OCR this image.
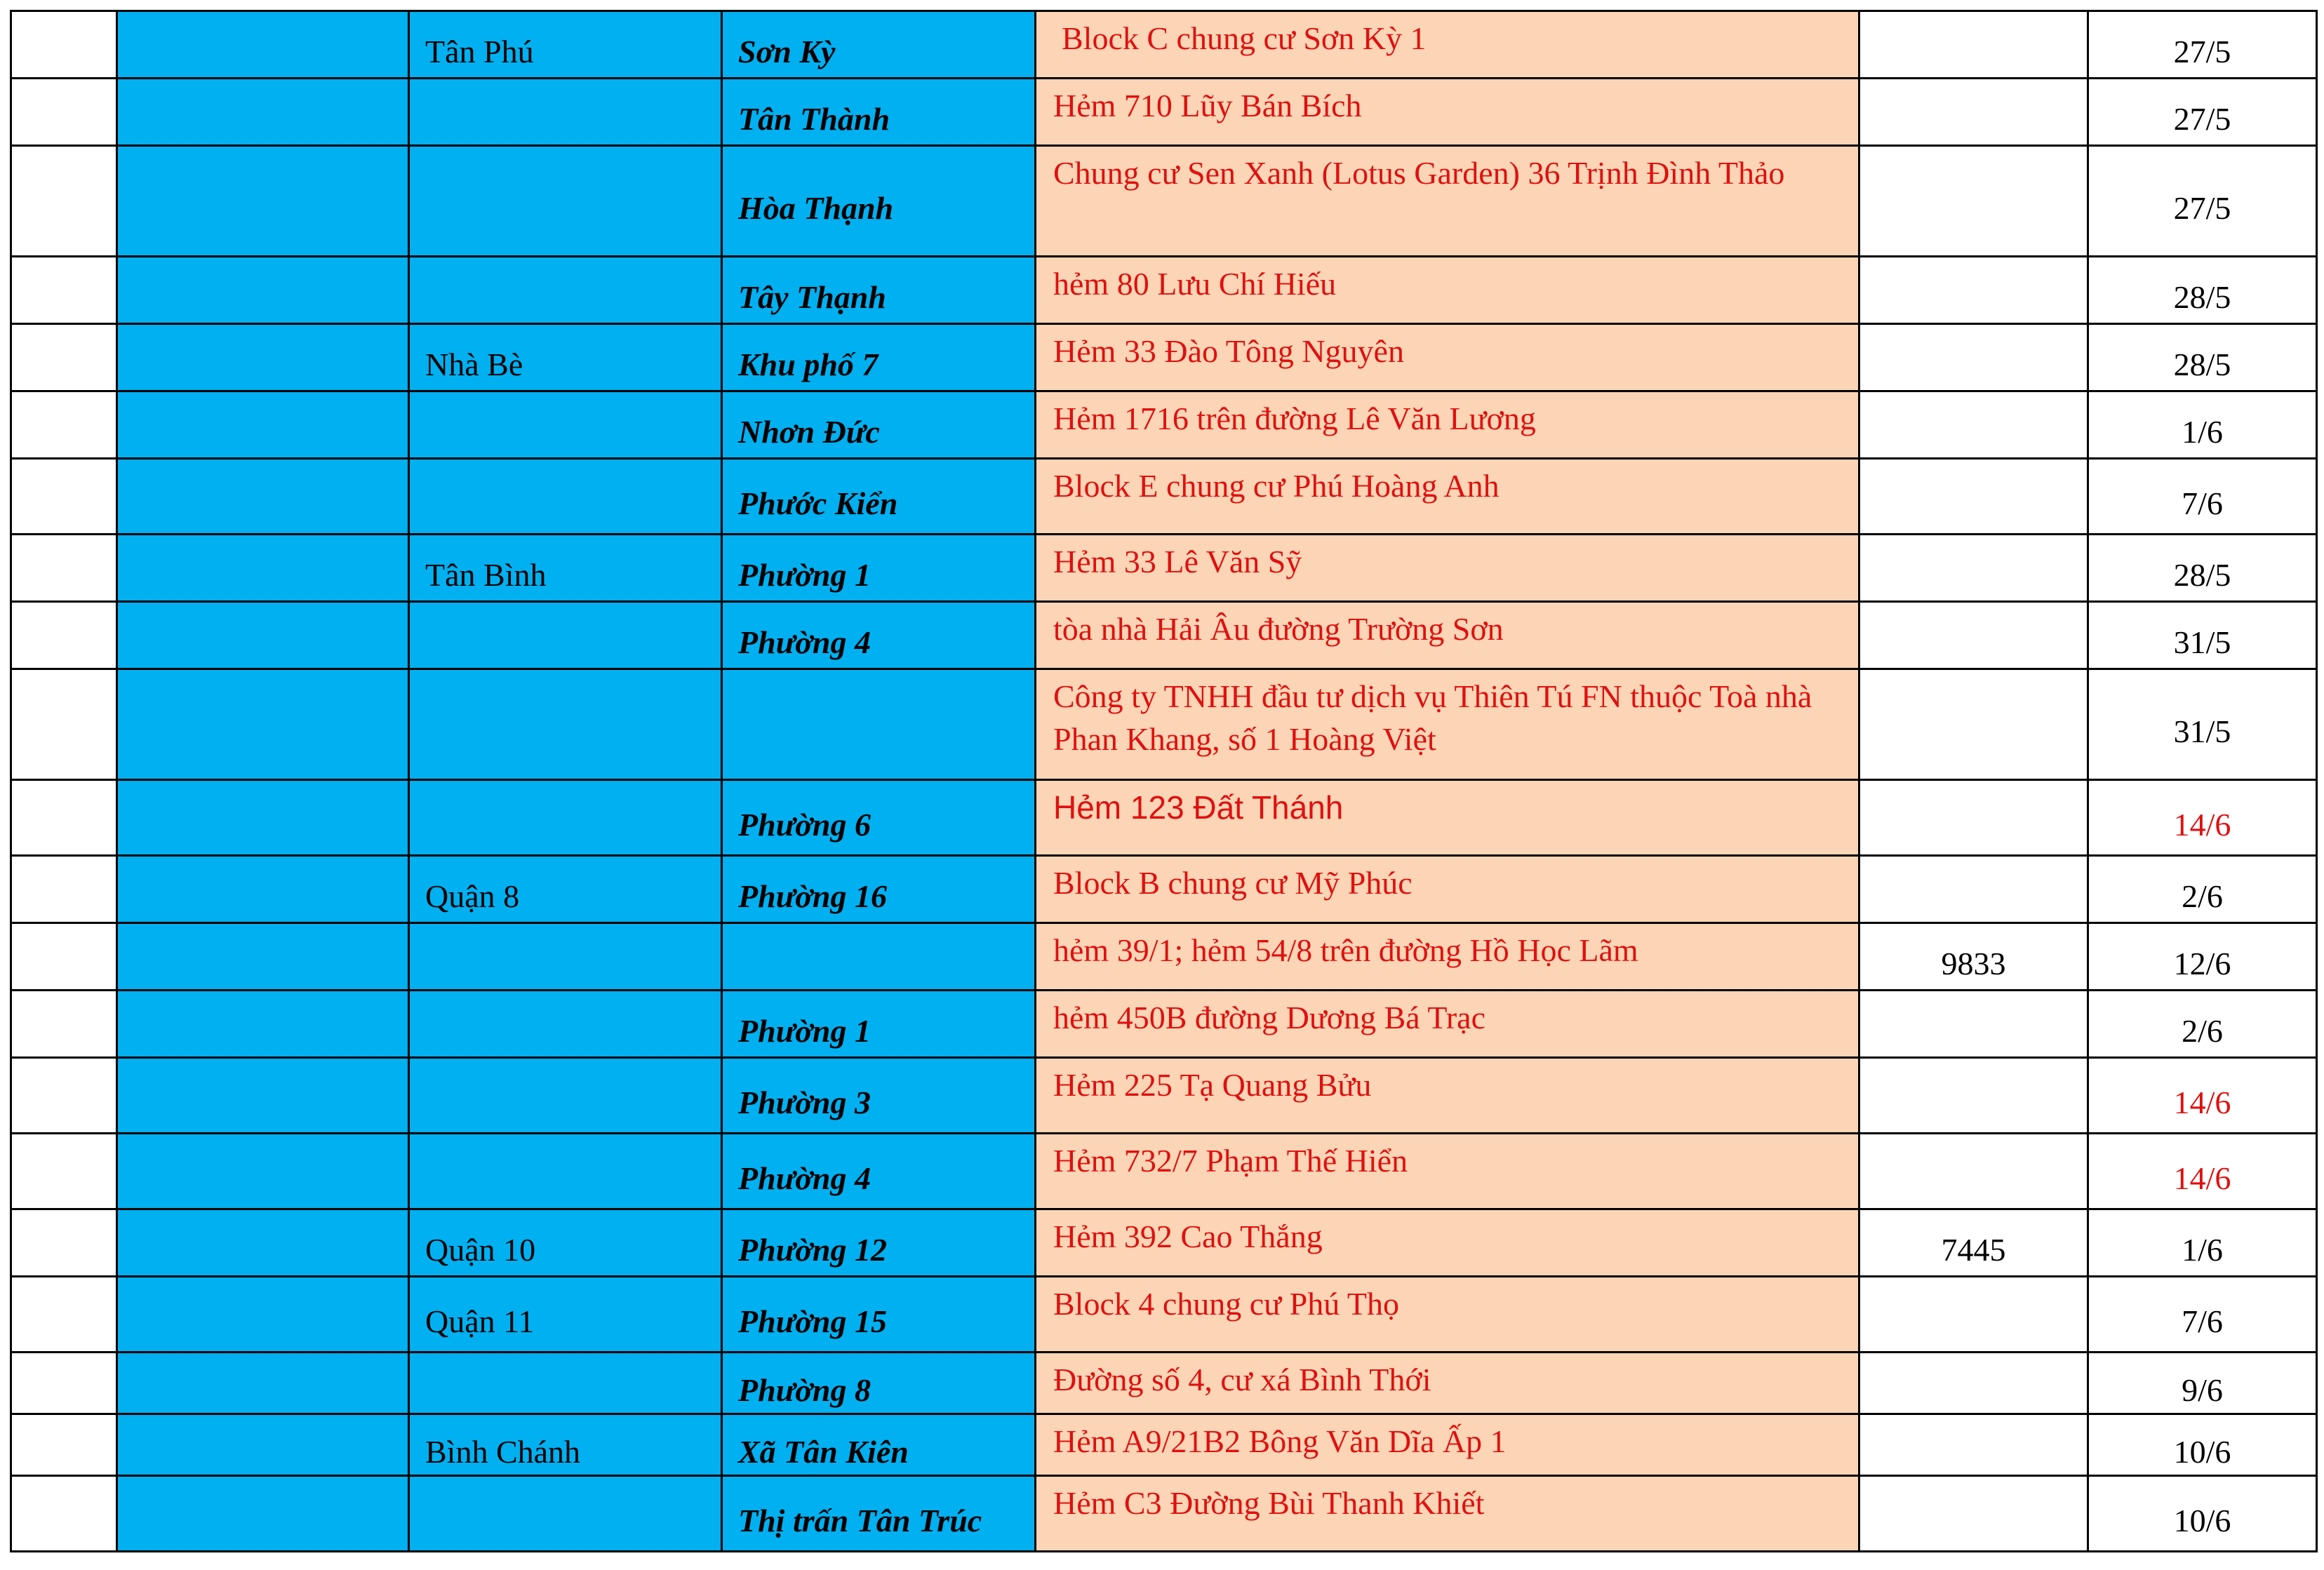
		Tân Phú	Sơn Kỳ	Block C chung cư Sơn Kỳ 1		27/5

			Tân Thành	Hẻm 710 Lũy Bán Bích		27/5

			Hòa Thạnh	Chung cư Sen Xanh (Lotus Garden) 36 Trịnh Đình Thảo		27/5

			Tây Thạnh	hẻm 80 Lưu Chí Hiếu		28/5

		Nhà Bè	Khu phố 7	Hẻm 33 Đào Tông Nguyên		28/5

			Nhơn Đức	Hẻm 1716 trên đường Lê Văn Lương		1/6

			Phước Kiển	Block E chung cư Phú Hoàng Anh		7/6

		Tân Bình	Phường 1	Hẻm 33 Lê Văn Sỹ		28/5

			Phường 4	tòa nhà Hải Âu đường Trường Sơn		31/5

				Công ty TNHH đầu tư dịch vụ Thiên Tú FN thuộc Toà nhà Phan Khang, số 1 Hoàng Việt		31/5

			Phường 6	Hẻm 123 Đất Thánh		14/6

		Quận 8	Phường 16	Block B chung cư Mỹ Phúc		2/6

				hẻm 39/1; hẻm 54/8 trên đường Hồ Học Lãm	9833	12/6

			Phường 1	hẻm 450B đường Dương Bá Trạc		2/6

			Phường 3	Hẻm 225 Tạ Quang Bửu		14/6

			Phường 4	Hẻm 732/7 Phạm Thế Hiển		14/6

		Quận 10	Phường 12	Hẻm 392 Cao Thắng	7445	1/6

		Quận 11	Phường 15	Block 4 chung cư Phú Thọ		7/6

			Phường 8	Đường số 4, cư xá Bình Thới		9/6

		Bình Chánh	Xã Tân Kiên	Hẻm A9/21B2 Bông Văn Dĩa Ấp 1		10/6

			Thị trấn Tân Trúc	Hẻm C3 Đường Bùi Thanh Khiết		10/6
